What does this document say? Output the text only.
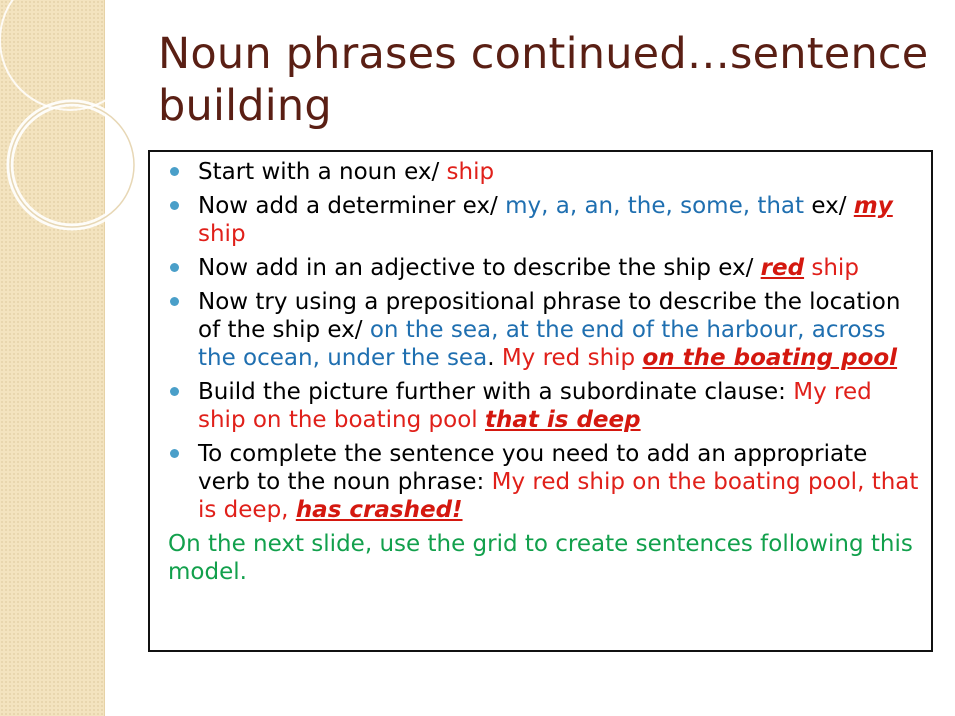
Noun phrases continued…sentence building
Start with a noun ex/ ship
Now add a determiner ex/ my, a, an, the, some, that ex/ my ship
Now add in an adjective to describe the ship ex/ red ship
Now try using a prepositional phrase to describe the location of the ship ex/ on the sea, at the end of the harbour, across the ocean, under the sea. My red ship on the boating pool
Build the picture further with a subordinate clause: My red ship on the boating pool that is deep
To complete the sentence you need to add an appropriate verb to the noun phrase: My red ship on the boating pool, that is deep, has crashed!
On the next slide, use the grid to create sentences following this model.
